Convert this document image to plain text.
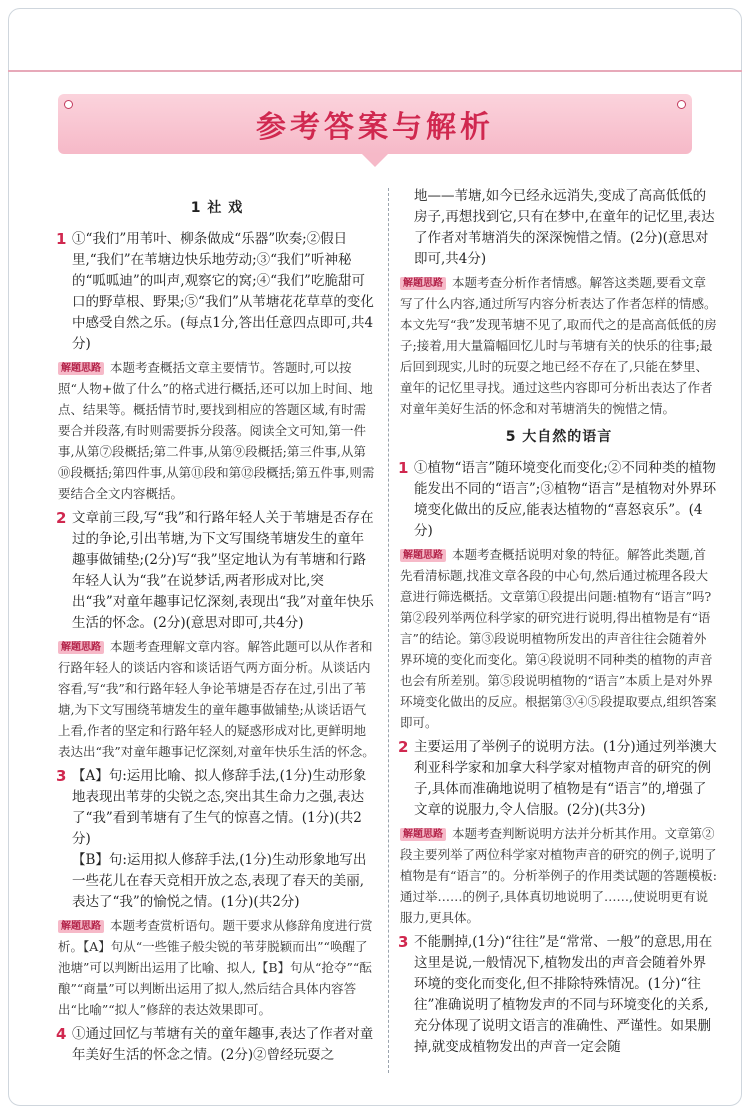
参考答案与解析
1 社 戏
1 ①“我们”用苇叶、柳条做成“乐器”吹奏;②假日里,“我们”在苇塘边快乐地劳动;③“我们”听神秘的“呱呱迪”的叫声,观察它的窝;④“我们”吃脆甜可口的野草根、野果;⑤“我们”从苇塘花花草草的变化中感受自然之乐。(每点1分,答出任意四点即可,共4分)

解题思路 本题考查概括文章主要情节。答题时,可以按照“人物+做了什么”的格式进行概括,还可以加上时间、地点、结果等。概括情节时,要找到相应的答题区域,有时需要合并段落,有时则需要拆分段落。阅读全文可知,第一件事,从第⑦段概括;第二件事,从第⑨段概括;第三件事,从第⑩段概括;第四件事,从第⑪段和第⑫段概括;第五件事,则需要结合全文内容概括。
2 文章前三段,写“我”和行路年轻人关于苇塘是否存在过的争论,引出苇塘,为下文写围绕苇塘发生的童年趣事做铺垫;(2分)写“我”坚定地认为有苇塘和行路年轻人认为“我”在说梦话,两者形成对比,突出“我”对童年趣事记忆深刻,表现出“我”对童年快乐生活的怀念。(2分)(意思对即可,共4分)

解题思路 本题考查理解文章内容。解答此题可以从作者和行路年轻人的谈话内容和谈话语气两方面分析。从谈话内容看,写“我”和行路年轻人争论苇塘是否存在过,引出了苇塘,为下文写围绕苇塘发生的童年趣事做铺垫;从谈话语气上看,作者的坚定和行路年轻人的疑惑形成对比,更鲜明地表达出“我”对童年趣事记忆深刻,对童年快乐生活的怀念。
3 【A】句:运用比喻、拟人修辞手法,(1分)生动形象地表现出苇芽的尖锐之态,突出其生命力之强,表达了“我”看到苇塘有了生气的惊喜之情。(1分)(共2分)

【B】句:运用拟人修辞手法,(1分)生动形象地写出一些花儿在春天竞相开放之态,表现了春天的美丽,表达了“我”的愉悦之情。(1分)(共2分)

解题思路 本题考查赏析语句。题干要求从修辞角度进行赏析。【A】句从“一些锥子般尖锐的苇芽脱颖而出”“唤醒了池塘”可以判断出运用了比喻、拟人,【B】句从“抢夺”“酝酿”“商量”可以判断出运用了拟人,然后结合具体内容答出“比喻”“拟人”修辞的表达效果即可。
4 ①通过回忆与苇塘有关的童年趣事,表达了作者对童年美好生活的怀念之情。(2分)②曾经玩耍之

地——苇塘,如今已经永远消失,变成了高高低低的房子,再想找到它,只有在梦中,在童年的记忆里,表达了作者对苇塘消失的深深惋惜之情。(2分)(意思对即可,共4分)

解题思路 本题考查分析作者情感。解答这类题,要看文章写了什么内容,通过所写内容分析表达了作者怎样的情感。本文先写“我”发现苇塘不见了,取而代之的是高高低低的房子;接着,用大量篇幅回忆儿时与苇塘有关的快乐的往事;最后回到现实,儿时的玩耍之地已经不存在了,只能在梦里、童年的记忆里寻找。通过这些内容即可分析出表达了作者对童年美好生活的怀念和对苇塘消失的惋惜之情。
5 大自然的语言
1 ①植物“语言”随环境变化而变化;②不同种类的植物能发出不同的“语言”;③植物“语言”是植物对外界环境变化做出的反应,能表达植物的“喜怒哀乐”。(4分)

解题思路 本题考查概括说明对象的特征。解答此类题,首先看清标题,找准文章各段的中心句,然后通过梳理各段大意进行筛选概括。文章第①段提出问题:植物有“语言”吗?第②段列举两位科学家的研究进行说明,得出植物是有“语言”的结论。第③段说明植物所发出的声音往往会随着外界环境的变化而变化。第④段说明不同种类的植物的声音也会有所差别。第⑤段说明植物的“语言”本质上是对外界环境变化做出的反应。根据第③④⑤段提取要点,组织答案即可。
2 主要运用了举例子的说明方法。(1分)通过列举澳大利亚科学家和加拿大科学家对植物声音的研究的例子,具体而准确地说明了植物是有“语言”的,增强了文章的说服力,令人信服。(2分)(共3分)

解题思路 本题考查判断说明方法并分析其作用。文章第②段主要列举了两位科学家对植物声音的研究的例子,说明了植物是有“语言”的。分析举例子的作用类试题的答题模板:通过举……的例子,具体真切地说明了……,使说明更有说服力,更具体。
3 不能删掉,(1分)“往往”是“常常、一般”的意思,用在这里是说,一般情况下,植物发出的声音会随着外界环境的变化而变化,但不排除特殊情况。(1分)“往往”准确说明了植物发声的不同与环境变化的关系,充分体现了说明文语言的准确性、严谨性。如果删掉,就变成植物发出的声音一定会随
